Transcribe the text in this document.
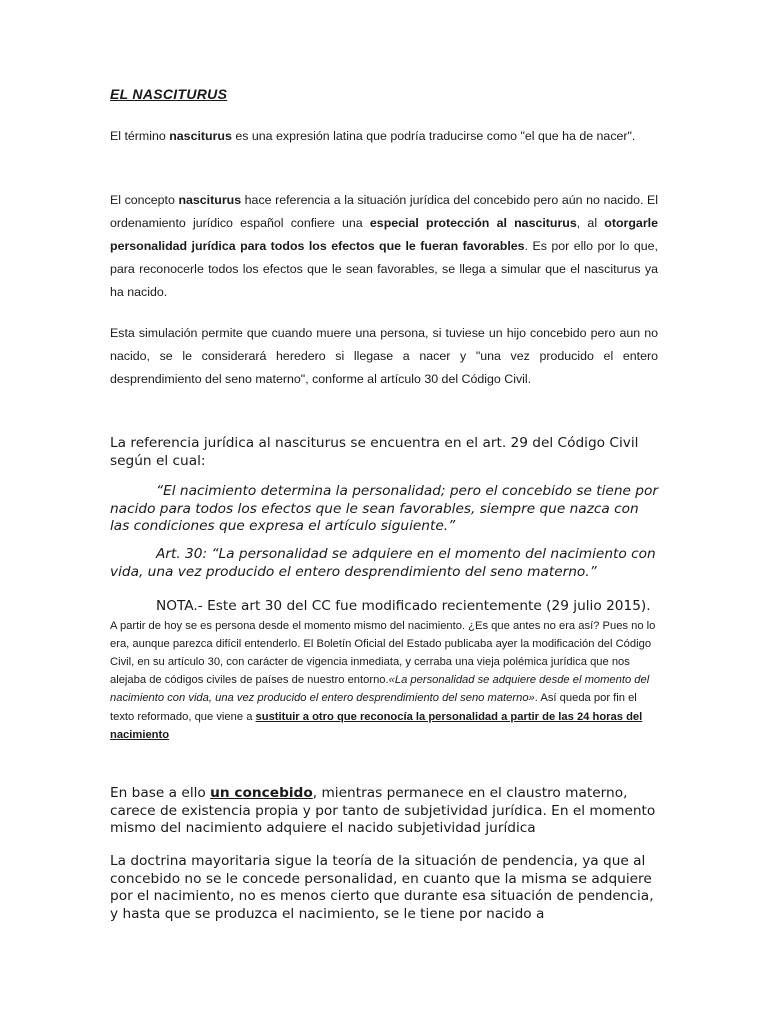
EL NASCITURUS

El término nasciturus es una expresión latina que podría traducirse como "el que ha de nacer".

El concepto nasciturus hace referencia a la situación jurídica del concebido pero aún no nacido. El ordenamiento jurídico español confiere una especial protección al nasciturus, al otorgarle personalidad jurídica para todos los efectos que le fueran favorables. Es por ello por lo que, para reconocerle todos los efectos que le sean favorables, se llega a simular que el nasciturus ya ha nacido.

Esta simulación permite que cuando muere una persona, si tuviese un hijo concebido pero aun no nacido, se le considerará heredero si llegase a nacer y "una vez producido el entero desprendimiento del seno materno", conforme al artículo 30 del Código Civil.

La referencia jurídica al nasciturus se encuentra en el art. 29 del Código Civil según el cual:

“El nacimiento determina la personalidad; pero el concebido se tiene por nacido para todos los efectos que le sean favorables, siempre que nazca con las condiciones que expresa el artículo siguiente.”

Art. 30: “La personalidad se adquiere en el momento del nacimiento con vida, una vez producido el entero desprendimiento del seno materno.”

NOTA.- Este art 30 del CC fue modificado recientemente (29 julio 2015). A partir de hoy se es persona desde el momento mismo del nacimiento. ¿Es que antes no era así? Pues no lo era, aunque parezca difícil entenderlo. El Boletín Oficial del Estado publicaba ayer la modificación del Código Civil, en su artículo 30, con carácter de vigencia inmediata, y cerraba una vieja polémica jurídica que nos alejaba de códigos civiles de países de nuestro entorno.«La personalidad se adquiere desde el momento del nacimiento con vida, una vez producido el entero desprendimiento del seno materno». Así queda por fin el texto reformado, que viene a sustituir a otro que reconocía la personalidad a partir de las 24 horas del nacimiento

En base a ello un concebido, mientras permanece en el claustro materno, carece de existencia propia y por tanto de subjetividad jurídica. En el momento mismo del nacimiento adquiere el nacido subjetividad jurídica

La doctrina mayoritaria sigue la teoría de la situación de pendencia, ya que al concebido no se le concede personalidad, en cuanto que la misma se adquiere por el nacimiento, no es menos cierto que durante esa situación de pendencia, y hasta que se produzca el nacimiento, se le tiene por nacido a
